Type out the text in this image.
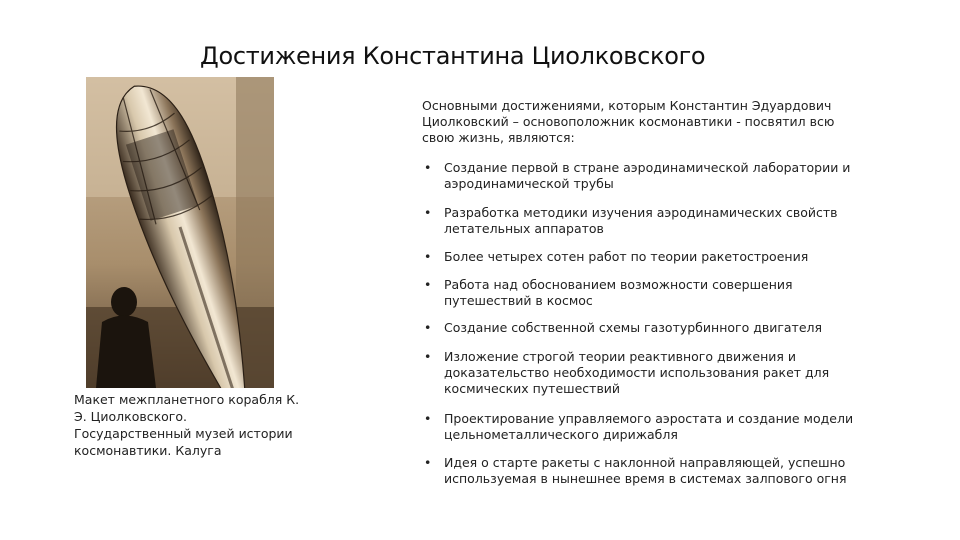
Достижения Константина Циолковского
Макет межпланетного корабля К.
Э. Циолковского.
Государственный музей истории
космонавтики. Калуга
Основными достижениями, которым Константин Эдуардович
Циолковский – основоположник космонавтики - посвятил всю
свою жизнь, являются:
• Создание первой в стране аэродинамической лаборатории и
аэродинамической трубы
• Разработка методики изучения аэродинамических свойств
летательных аппаратов
• Более четырех сотен работ по теории ракетостроения
• Работа над обоснованием возможности совершения
путешествий в космос
• Создание собственной схемы газотурбинного двигателя
• Изложение строгой теории реактивного движения и
доказательство необходимости использования ракет для
космических путешествий
• Проектирование управляемого аэростата и создание модели
цельнометаллического дирижабля
• Идея о старте ракеты с наклонной направляющей, успешно
используемая в нынешнее время в системах залпового огня
